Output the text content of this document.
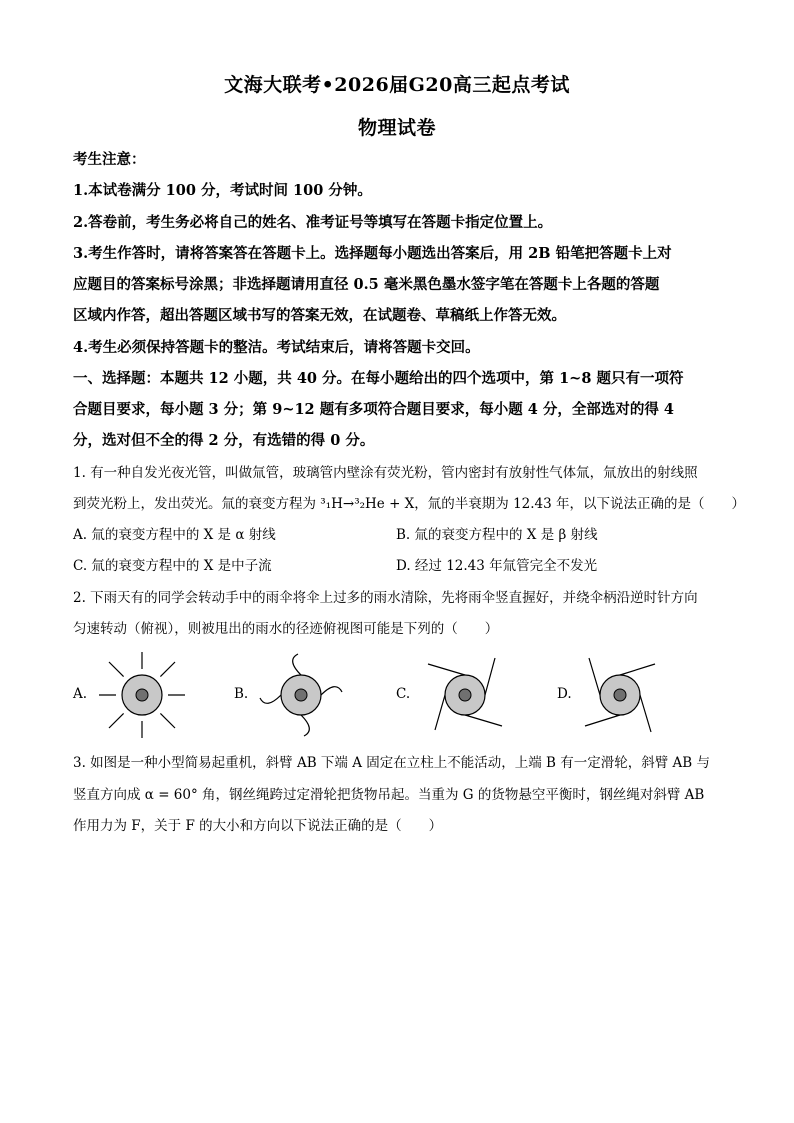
文海大联考•2026届G20高三起点考试
物理试卷
考生注意：
1.本试卷满分 100 分，考试时间 100 分钟。
2.答卷前，考生务必将自己的姓名、准考证号等填写在答题卡指定位置上。
3.考生作答时，请将答案答在答题卡上。选择题每小题选出答案后，用 2B 铅笔把答题卡上对
应题目的答案标号涂黑；非选择题请用直径 0.5 毫米黑色墨水签字笔在答题卡上各题的答题
区域内作答，超出答题区域书写的答案无效，在试题卷、草稿纸上作答无效。
4.考生必须保持答题卡的整洁。考试结束后，请将答题卡交回。
一、选择题：本题共 12 小题，共 40 分。在每小题给出的四个选项中，第 1~8 题只有一项符
合题目要求，每小题 3 分；第 9~12 题有多项符合题目要求，每小题 4 分，全部选对的得 4
分，选对但不全的得 2 分，有选错的得 0 分。
1. 有一种自发光夜光管，叫做氚管，玻璃管内壁涂有荧光粉，管内密封有放射性气体氚，氚放出的射线照
到荧光粉上，发出荧光。氚的衰变方程为 ³₁H→³₂He + X，氚的半衰期为 12.43 年，以下说法正确的是（　　）
A. 氚的衰变方程中的 X 是 α 射线	B. 氚的衰变方程中的 X 是 β 射线
C. 氚的衰变方程中的 X 是中子流	D. 经过 12.43 年氚管完全不发光
2. 下雨天有的同学会转动手中的雨伞将伞上过多的雨水清除，先将雨伞竖直握好，并绕伞柄沿逆时针方向
匀速转动（俯视），则被甩出的雨水的径迹俯视图可能是下列的（　　）
A.	B.	C.	D.
3. 如图是一种小型简易起重机，斜臂 AB 下端 A 固定在立柱上不能活动，上端 B 有一定滑轮，斜臂 AB 与
竖直方向成 α = 60° 角，钢丝绳跨过定滑轮把货物吊起。当重为 G 的货物悬空平衡时，钢丝绳对斜臂 AB
作用力为 F，关于 F 的大小和方向以下说法正确的是（　　）
